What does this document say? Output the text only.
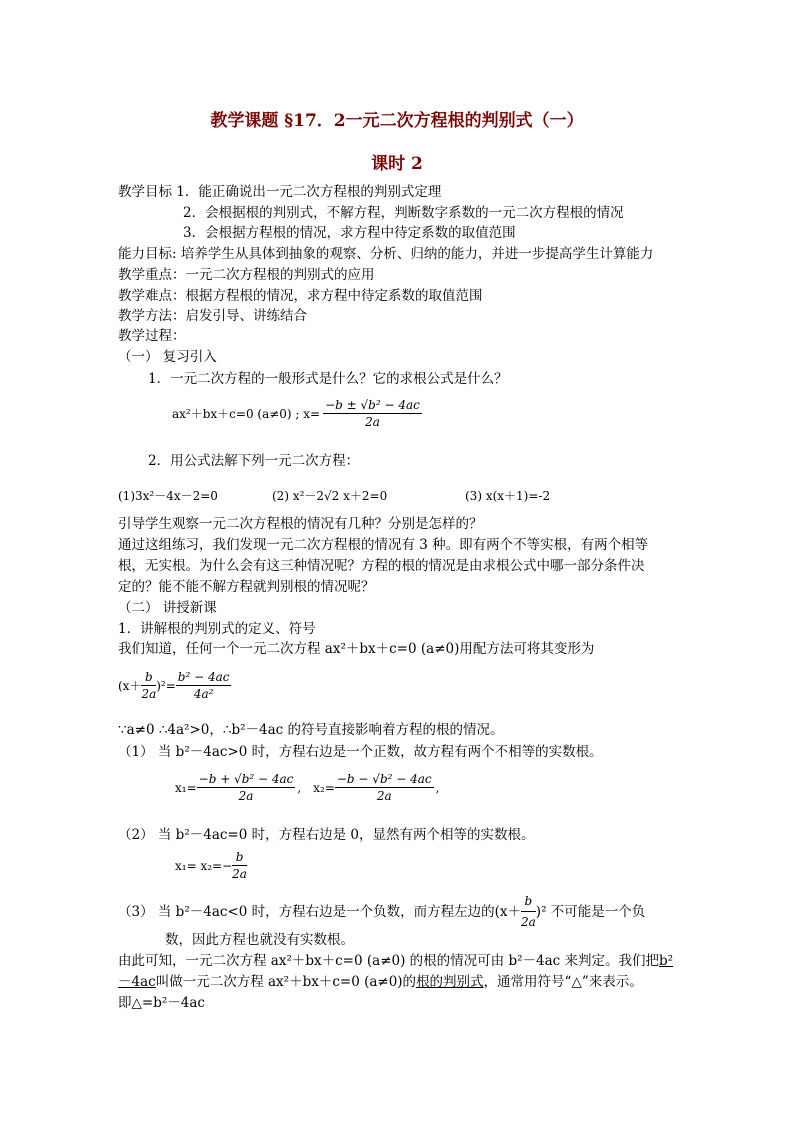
教学课题 §17．2一元二次方程根的判别式（一）
课时 2
教学目标 1．能正确说出一元二次方程根的判别式定理
2．会根据根的判别式，不解方程，判断数字系数的一元二次方程根的情况
3．会根据方程根的情况，求方程中待定系数的取值范围
能力目标: 培养学生从具体到抽象的观察、分析、归纳的能力，并进一步提高学生计算能力
教学重点：一元二次方程根的判别式的应用
教学难点：根据方程根的情况，求方程中待定系数的取值范围
教学方法：启发引导、讲练结合
教学过程：
（一） 复习引入
1．一元二次方程的一般形式是什么？它的求根公式是什么？
ax²＋bx＋c=0 (a≠0) ; $x= \frac{\text{−b ± √b² − 4ac}}{2a}$
2．用公式法解下列一元二次方程：
(1)3x²－4x－2=0	(2) x²－2√2 x＋2=0	(3) x(x＋1)=-2
引导学生观察一元二次方程根的情况有几种？分别是怎样的？
通过这组练习，我们发现一元二次方程根的情况有 3 种。即有两个不等实根，有两个相等
根，无实根。为什么会有这三种情况呢？方程的根的情况是由求根公式中哪一部分条件决
定的？能不能不解方程就判别根的情况呢？
（二） 讲授新课
1．讲解根的判别式的定义、符号
我们知道，任何一个一元二次方程 ax²＋bx＋c=0 (a≠0)用配方法可将其变形为
$(x+ \frac{b}{2a} )^2= \frac{\text{b² − 4ac}}{\text{4a²}}$
∵a≠0 ∴4a²>0，∴b²－4ac 的符号直接影响着方程的根的情况。
（1） 当 b²－4ac>0 时，方程右边是一个正数，故方程有两个不相等的实数根。
$x_1= \frac{\text{−b + √b² − 4ac}}{2a}$ , $x_2= \frac{\text{−b − √b² − 4ac}}{2a}$ ,
（2） 当 b²－4ac=0 时，方程右边是 0，显然有两个相等的实数根。
$x_1= x_2=- \frac{b}{2a}$
（3） 当 b²－4ac<0 时，方程右边是一个负数，而方程左边的$(x+ \frac{b}{2a} )^2$ 不可能是一个负
数，因此方程也就没有实数根。
由此可知，一元二次方程 ax²＋bx＋c=0 (a≠0) 的根的情况可由 b²－4ac 来判定。我们把b²
－4ac叫做一元二次方程 ax²＋bx＋c=0 (a≠0)的根的判别式，通常用符号“△”来表示。
即△=b²－4ac
